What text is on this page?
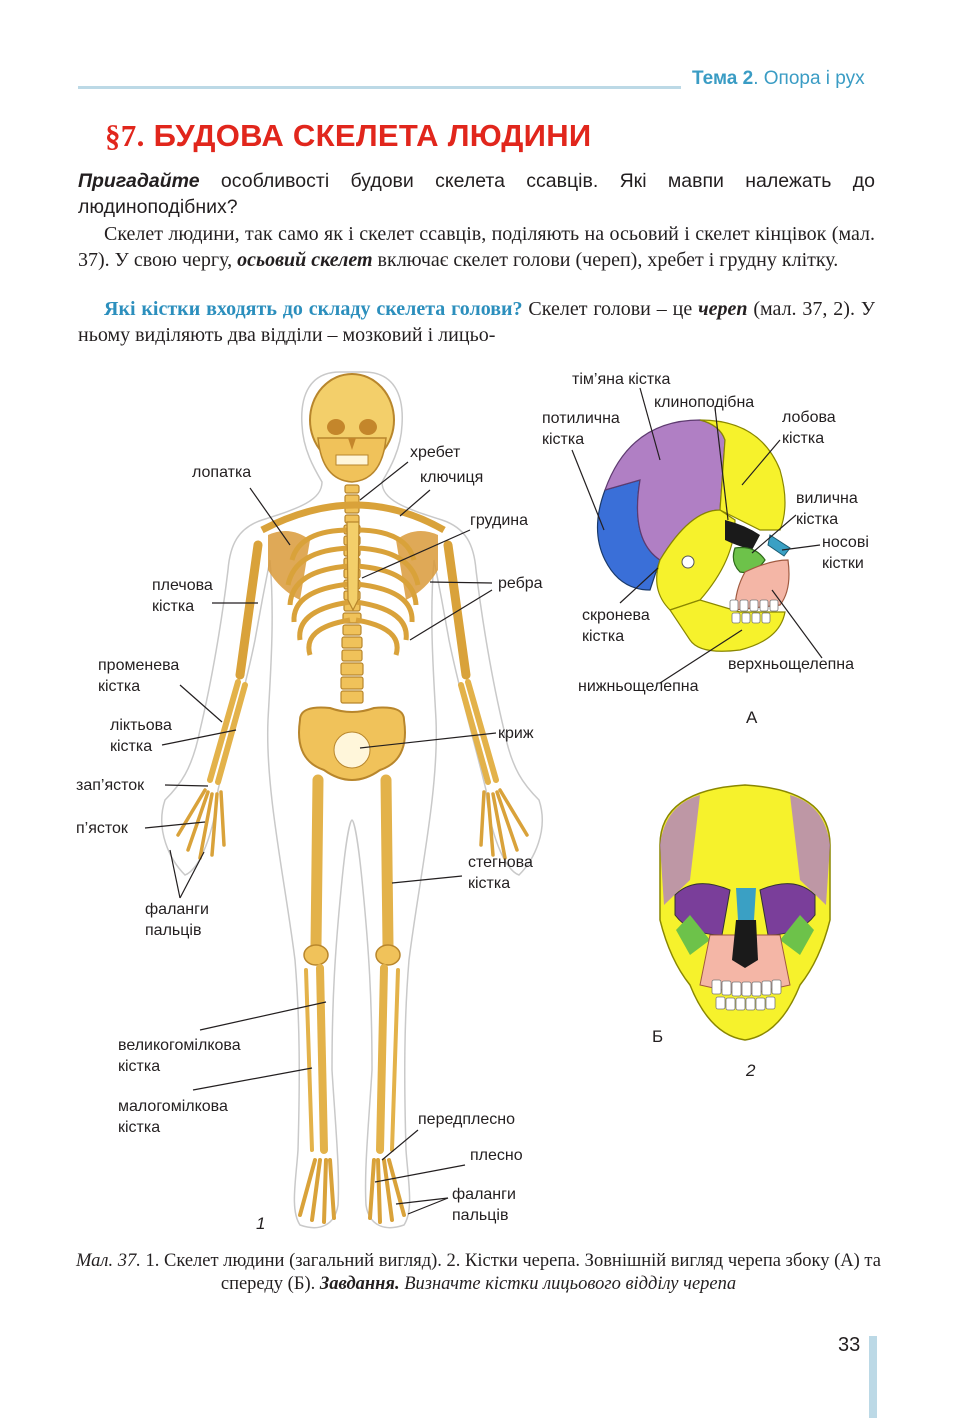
Тема 2. Опора і рух
§7. БУДОВА СКЕЛЕТА ЛЮДИНИ
Пригадайте особливості будови скелета ссавців. Які мавпи належать до людиноподібних?
Скелет людини, так само як і скелет ссавців, поділяють на осьовий і скелет кінцівок (мал. 37). У свою чергу, осьовий скелет включає скелет голови (череп), хребет і грудну клітку.
Які кістки входять до складу скелета голови? Скелет голови – це череп (мал. 37, 2). У ньому виділяють два відділи – мозковий і лицьо-
хребет
лопатка	ключиця
грудина
ребра
плечова
кістка
променева
кістка
ліктьова
кістка
криж
зап’ясток
п’ясток
стегнова
кістка
фаланги
пальців
великогомілкова
кістка
малогомілкова
кістка	передплесно
плесно
фаланги
пальців
1
тім’яна кістка
клиноподібна
потилична
кістка
лобова
кістка
вилична
кістка
носові
кістки
скронева
кістка
верхньощелепна
нижньощелепна
А
Б
2
Мал. 37. 1. Скелет людини (загальний вигляд). 2. Кістки черепа. Зовнішній вигляд черепа збоку (А) та спереду (Б). Завдання. Визначте кістки лицьового відділу черепа
33
